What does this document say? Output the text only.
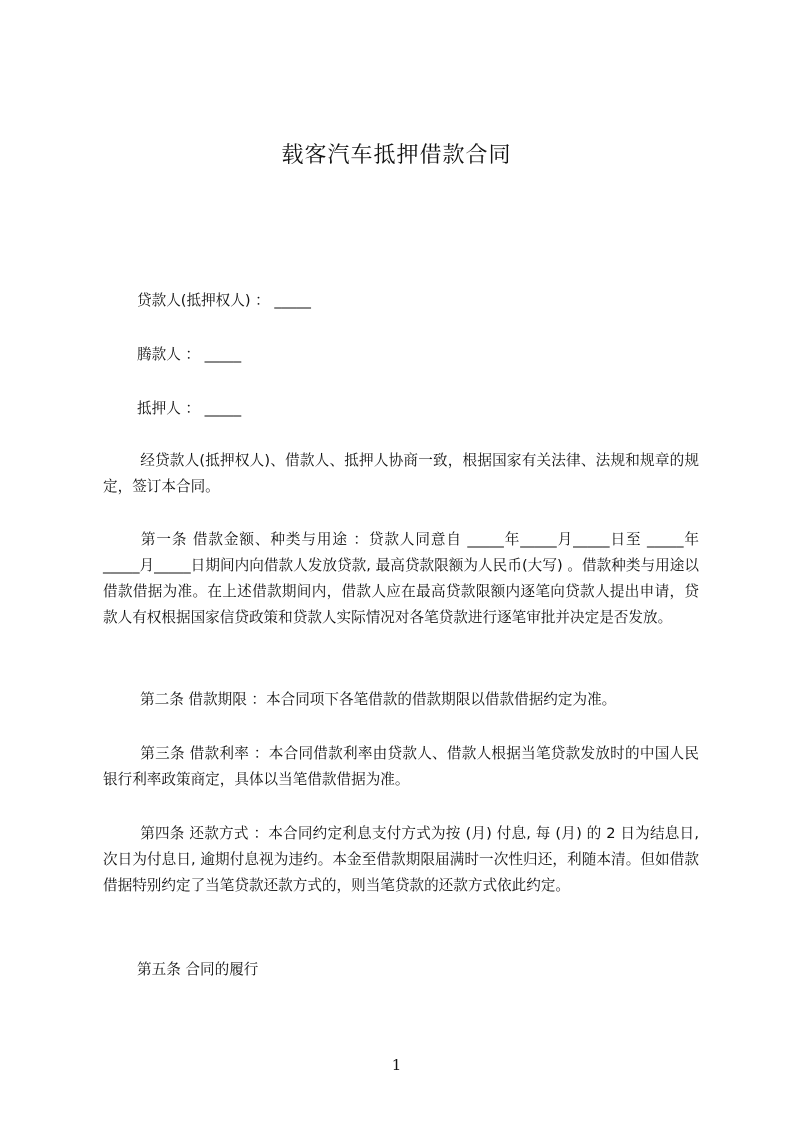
载客汽车抵押借款合同
贷款人(抵押权人) ： _____
腾款人 ： _____
抵押人 ： _____
经贷款人(抵押权人)、借款人、抵押人协商一致，根据国家有关法律、法规和规章的规定，签订本合同。
第一条 借款金额、种类与用途 ：贷款人同意自 _____年_____月_____日至 _____年_____月_____日期间内向借款人发放贷款, 最高贷款限额为人民币(大写) 。借款种类与用途以借款借据为准。在上述借款期间内，借款人应在最高贷款限额内逐笔向贷款人提出申请，贷款人有权根据国家信贷政策和贷款人实际情况对各笔贷款进行逐笔审批并决定是否发放。
第二条 借款期限 ：本合同项下各笔借款的借款期限以借款借据约定为准。
第三条 借款利率 ：本合同借款利率由贷款人、借款人根据当笔贷款发放时的中国人民银行利率政策商定，具体以当笔借款借据为准。
第四条 还款方式 ：本合同约定利息支付方式为按 (月) 付息, 每 (月) 的 2 日为结息日, 次日为付息日, 逾期付息视为违约。本金至借款期限届满时一次性归还，利随本清。但如借款借据特别约定了当笔贷款还款方式的，则当笔贷款的还款方式依此约定。
第五条 合同的履行
1
